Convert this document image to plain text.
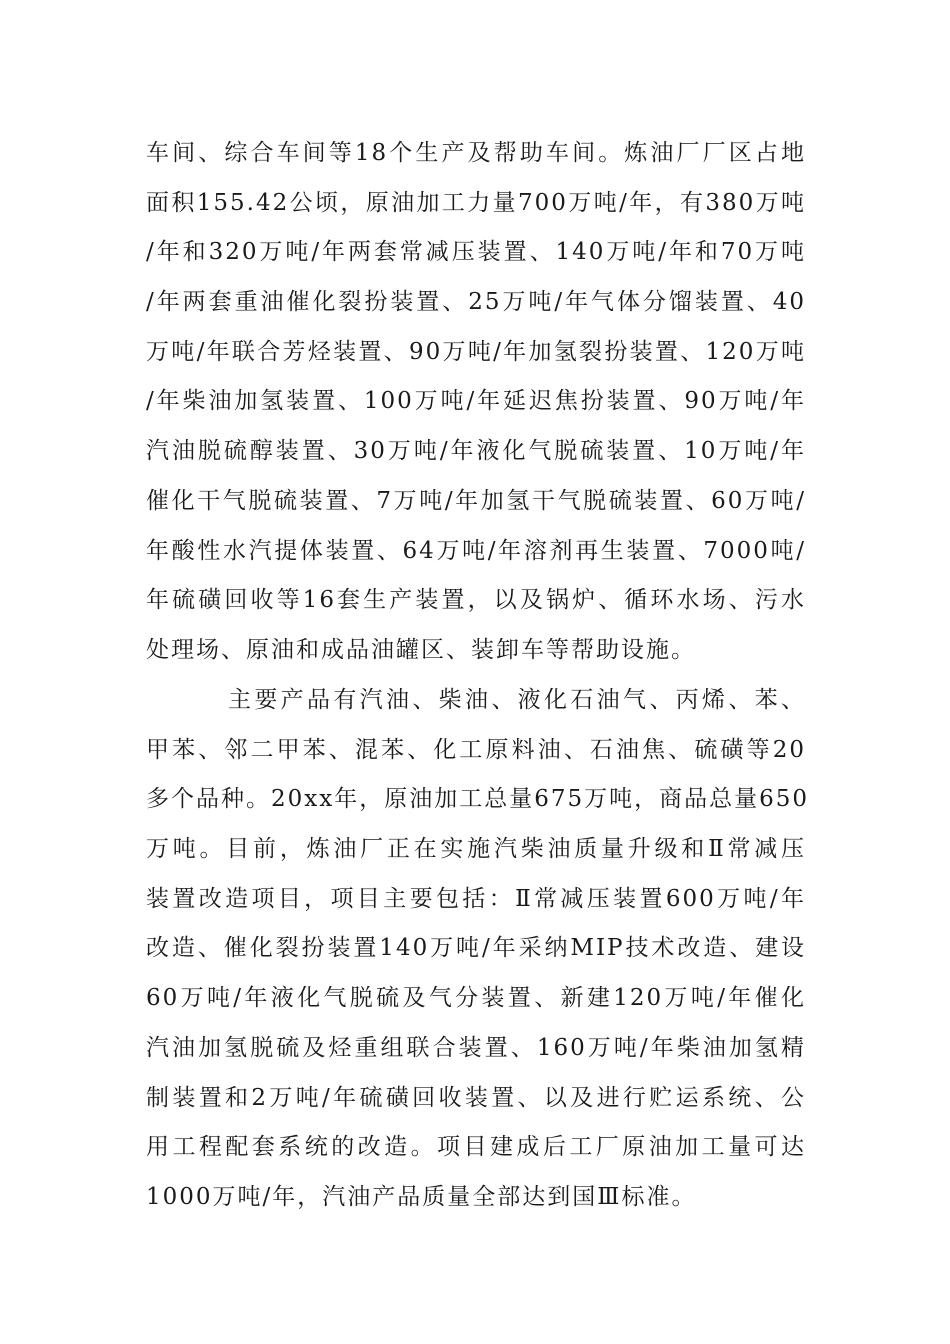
车间、综合车间等18个生产及帮助车间。炼油厂厂区占地
面积155.42公顷，原油加工力量700万吨/年，有380万吨
/年和320万吨/年两套常减压装置、140万吨/年和70万吨
/年两套重油催化裂扮装置、25万吨/年气体分馏装置、40
万吨/年联合芳烃装置、90万吨/年加氢裂扮装置、120万吨
/年柴油加氢装置、100万吨/年延迟焦扮装置、90万吨/年
汽油脱硫醇装置、30万吨/年液化气脱硫装置、10万吨/年
催化干气脱硫装置、7万吨/年加氢干气脱硫装置、60万吨/
年酸性水汽提体装置、64万吨/年溶剂再生装置、7000吨/
年硫磺回收等16套生产装置，以及锅炉、循环水场、污水
处理场、原油和成品油罐区、装卸车等帮助设施。
主要产品有汽油、柴油、液化石油气、丙烯、苯、
甲苯、邻二甲苯、混苯、化工原料油、石油焦、硫磺等20
多个品种。20xx年，原油加工总量675万吨，商品总量650
万吨。目前，炼油厂正在实施汽柴油质量升级和Ⅱ常减压
装置改造项目，项目主要包括：Ⅱ常减压装置600万吨/年
改造、催化裂扮装置140万吨/年采纳MIP技术改造、建设
60万吨/年液化气脱硫及气分装置、新建120万吨/年催化
汽油加氢脱硫及烃重组联合装置、160万吨/年柴油加氢精
制装置和2万吨/年硫磺回收装置、以及进行贮运系统、公
用工程配套系统的改造。项目建成后工厂原油加工量可达
1000万吨/年，汽油产品质量全部达到国Ⅲ标准。
